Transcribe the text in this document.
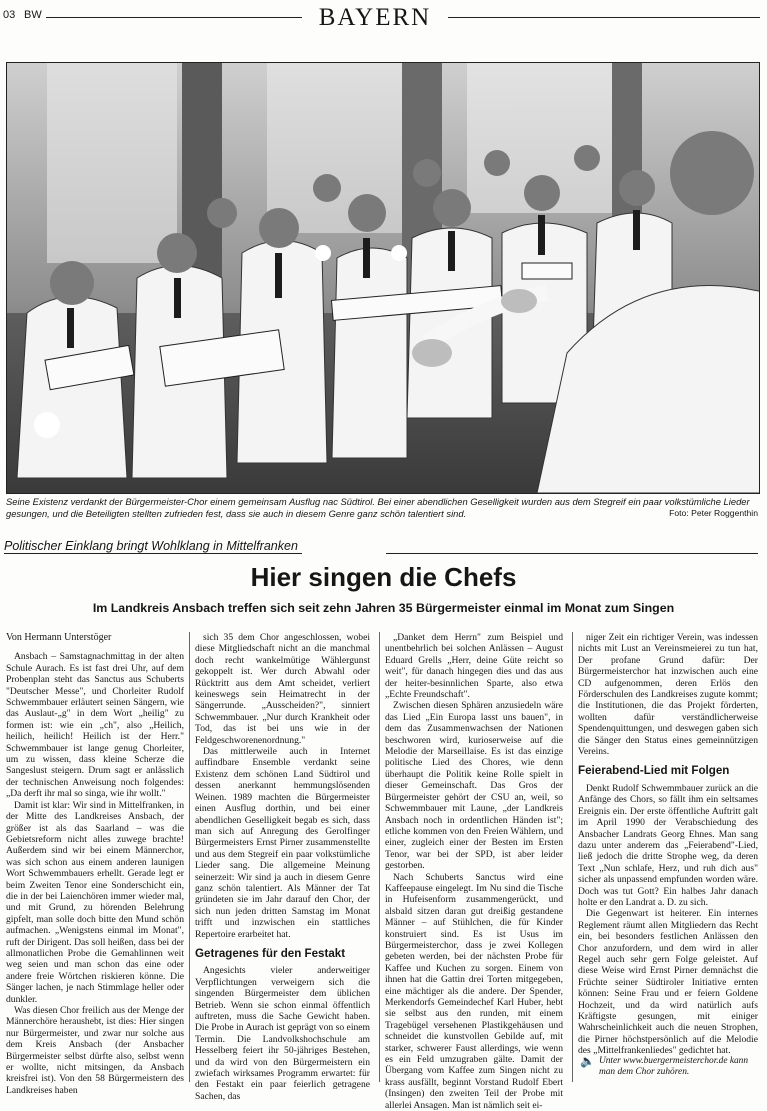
03 BW	BAYERN
Seine Existenz verdankt der Bürgermeister-Chor einem gemeinsam Ausflug nac Südtirol. Bei einer abendlichen Geselligkeit wurden aus dem Stegreif ein paar volkstümliche Lieder gesungen, und die Beteiligten stellten zufrieden fest, dass sie auch in diesem Genre ganz schön talentiert sind.	Foto: Peter Roggenthin
Politischer Einklang bringt Wohlklang in Mittelfranken
Hier singen die Chefs
Im Landkreis Ansbach treffen sich seit zehn Jahren 35 Bürgermeister einmal im Monat zum Singen

Von Hermann Unterstöger

Ansbach – Samstagnachmittag in der alten Schule Aurach. Es ist fast drei Uhr, auf dem Probenplan steht das Sanctus aus Schuberts "Deutscher Messe", und Chorleiter Rudolf Schwemmbauer erläutert seinen Sängern, wie das Auslaut-„g" in dem Wort „heilig" zu formen ist: wie ein „ch", also „Heilich, heilich, heilich! Heilich ist der Herr." Schwemmbauer ist lange genug Chorleiter, um zu wissen, dass kleine Scherze die Sangeslust steigern. Drum sagt er anlässlich der technischen Anweisung noch folgendes: „Da derft ihr mal so singa, wie ihr wollt."

Damit ist klar: Wir sind in Mittelfranken, in der Mitte des Landkreises Ansbach, der größer ist als das Saarland – was die Gebietsreform nicht alles zuwege brachte! Außerdem sind wir bei einem Männerchor, was sich schon aus einem anderen launigen Wort Schwemmbauers erhellt. Gerade legt er beim Zweiten Tenor eine Sonderschicht ein, die in der bei Laienchören immer wieder mal, und mit Grund, zu hörenden Belehrung gipfelt, man solle doch bitte den Mund schön aufmachen. „Wenigstens einmal im Monat", ruft der Dirigent. Das soll heißen, dass bei der allmonatlichen Probe die Gemahlinnen weit weg seien und man schon das eine oder andere freie Wörtchen riskieren könne. Die Sänger lachen, je nach Stimmlage heller oder dunkler.

Was diesen Chor freilich aus der Menge der Männerchöre heraushebt, ist dies: Hier singen nur Bürgermeister, und zwar nur solche aus dem Kreis Ansbach (der Ansbacher Bürgermeister selbst dürfte also, selbst wenn er wollte, nicht mitsingen, da Ansbach kreisfrei ist). Von den 58 Bürgermeistern des Landkreises haben

sich 35 dem Chor angeschlossen, wobei diese Mitgliedschaft nicht an die manchmal doch recht wankelmütige Wählergunst gekoppelt ist. Wer durch Abwahl oder Rücktritt aus dem Amt scheidet, verliert keineswegs sein Heimatrecht in der Sängerrunde. „Ausscheiden?", sinniert Schwemmbauer. „Nur durch Krankheit oder Tod, das ist bei uns wie in der Feldgeschworenenordnung."

Das mittlerweile auch in Internet auffindbare Ensemble verdankt seine Existenz dem schönen Land Südtirol und dessen anerkannt hemmungslösenden Weinen. 1989 machten die Bürgermeister einen Ausflug dorthin, und bei einer abendlichen Geselligkeit begab es sich, dass man sich auf Anregung des Gerolfinger Bürgermeisters Ernst Pirner zusammenstellte und aus dem Stegreif ein paar volkstümliche Lieder sang. Die allgemeine Meinung seinerzeit: Wir sind ja auch in diesem Genre ganz schön talentiert. Als Männer der Tat gründeten sie im Jahr darauf den Chor, der sich nun jeden dritten Samstag im Monat trifft und inzwischen ein stattliches Repertoire erarbeitet hat.

Getragenes für den Festakt

Angesichts vieler anderweitiger Verpflichtungen verweigern sich die singenden Bürgermeister dem üblichen Betrieb. Wenn sie schon einmal öffentlich auftreten, muss die Sache Gewicht haben. Die Probe in Aurach ist geprägt von so einem Termin. Die Landvolkshochschule am Hesselberg feiert ihr 50-jähriges Bestehen, und da wird von den Bürgermeistern ein zwiefach wirksames Programm erwartet: für den Festakt ein paar feierlich getragene Sachen, das

„Danket dem Herrn" zum Beispiel und unentbehrlich bei solchen Anlässen – August Eduard Grells „Herr, deine Güte reicht so weit", für danach hingegen dies und das aus der heiter-besinnlichen Sparte, also etwa „Echte Freundschaft".

Zwischen diesen Sphären anzusiedeln wäre das Lied „Ein Europa lasst uns bauen", in dem das Zusammenwachsen der Nationen beschworen wird, kurioserweise auf die Melodie der Marseillaise. Es ist das einzige politische Lied des Chores, wie denn überhaupt die Politik keine Rolle spielt in dieser Gemeinschaft. Das Gros der Bürgermeister gehört der CSU an, weil, so Schwemmbauer mit Laune, „der Landkreis Ansbach noch in ordentlichen Händen ist"; etliche kommen von den Freien Wählern, und einer, zugleich einer der Besten im Ersten Tenor, war bei der SPD, ist aber leider gestorben.

Nach Schuberts Sanctus wird eine Kaffeepause eingelegt. Im Nu sind die Tische in Hufeisenform zusammengerückt, und alsbald sitzen daran gut dreißig gestandene Männer – auf Stühlchen, die für Kinder konstruiert sind. Es ist Usus im Bürgermeisterchor, dass je zwei Kollegen gebeten werden, bei der nächsten Probe für Kaffee und Kuchen zu sorgen. Einem von ihnen hat die Gattin drei Torten mitgegeben, eine mächtiger als die andere. Der Spender, Merkendorfs Gemeindechef Karl Huber, hebt sie selbst aus den runden, mit einem Tragebügel versehenen Plastikgehäusen und schneidet die kunstvollen Gebilde auf, mit starker, schwerer Faust allerdings, wie wenn es ein Feld umzugraben gälte. Damit der Übergang vom Kaffee zum Singen nicht zu krass ausfällt, beginnt Vorstand Rudolf Ebert (Insingen) den zweiten Teil der Probe mit allerlei Ansagen. Man ist nämlich seit ei-

niger Zeit ein richtiger Verein, was indessen nichts mit Lust an Vereinsmeierei zu tun hat, Der profane Grund dafür: Der Bürgermeisterchor hat inzwischen auch eine CD aufgenommen, deren Erlös den Förderschulen des Landkreises zugute kommt; die Institutionen, die das Projekt förderten, wollten dafür verständlicherweise Spendenquittungen, und deswegen gaben sich die Sänger den Status eines gemeinnützigen Vereins.

Feierabend-Lied mit Folgen

Denkt Rudolf Schwemmbauer zurück an die Anfänge des Chors, so fällt ihm ein seltsames Ereignis ein. Der erste öffentliche Auftritt galt im April 1990 der Verabschiedung des Ansbacher Landrats Georg Ehnes. Man sang dazu unter anderem das „Feierabend"-Lied, ließ jedoch die dritte Strophe weg, da deren Text „Nun schlafe, Herz, und ruh dich aus" sicher als unpassend empfunden worden wäre. Doch was tut Gott? Ein halbes Jahr danach holte er den Landrat a. D. zu sich.

Die Gegenwart ist heiterer. Ein internes Reglement räumt allen Mitgliedern das Recht ein, bei besonders festlichen Anlässen den Chor anzufordern, und dem wird in aller Regel auch sehr gern Folge geleistet. Auf diese Weise wird Ernst Pirner demnächst die Früchte seiner Südtiroler Initiative ernten können: Seine Frau und er feiern Goldene Hochzeit, und da wird natürlich aufs Kräftigste gesungen, mit einiger Wahrscheinlichkeit auch die neuen Strophen, die Pirner höchstpersönlich auf die Melodie des „Mittelfrankenliedes" gedichtet hat.

🔈 Unter www.buergermeisterchor.de kann man dem Chor zuhören.
